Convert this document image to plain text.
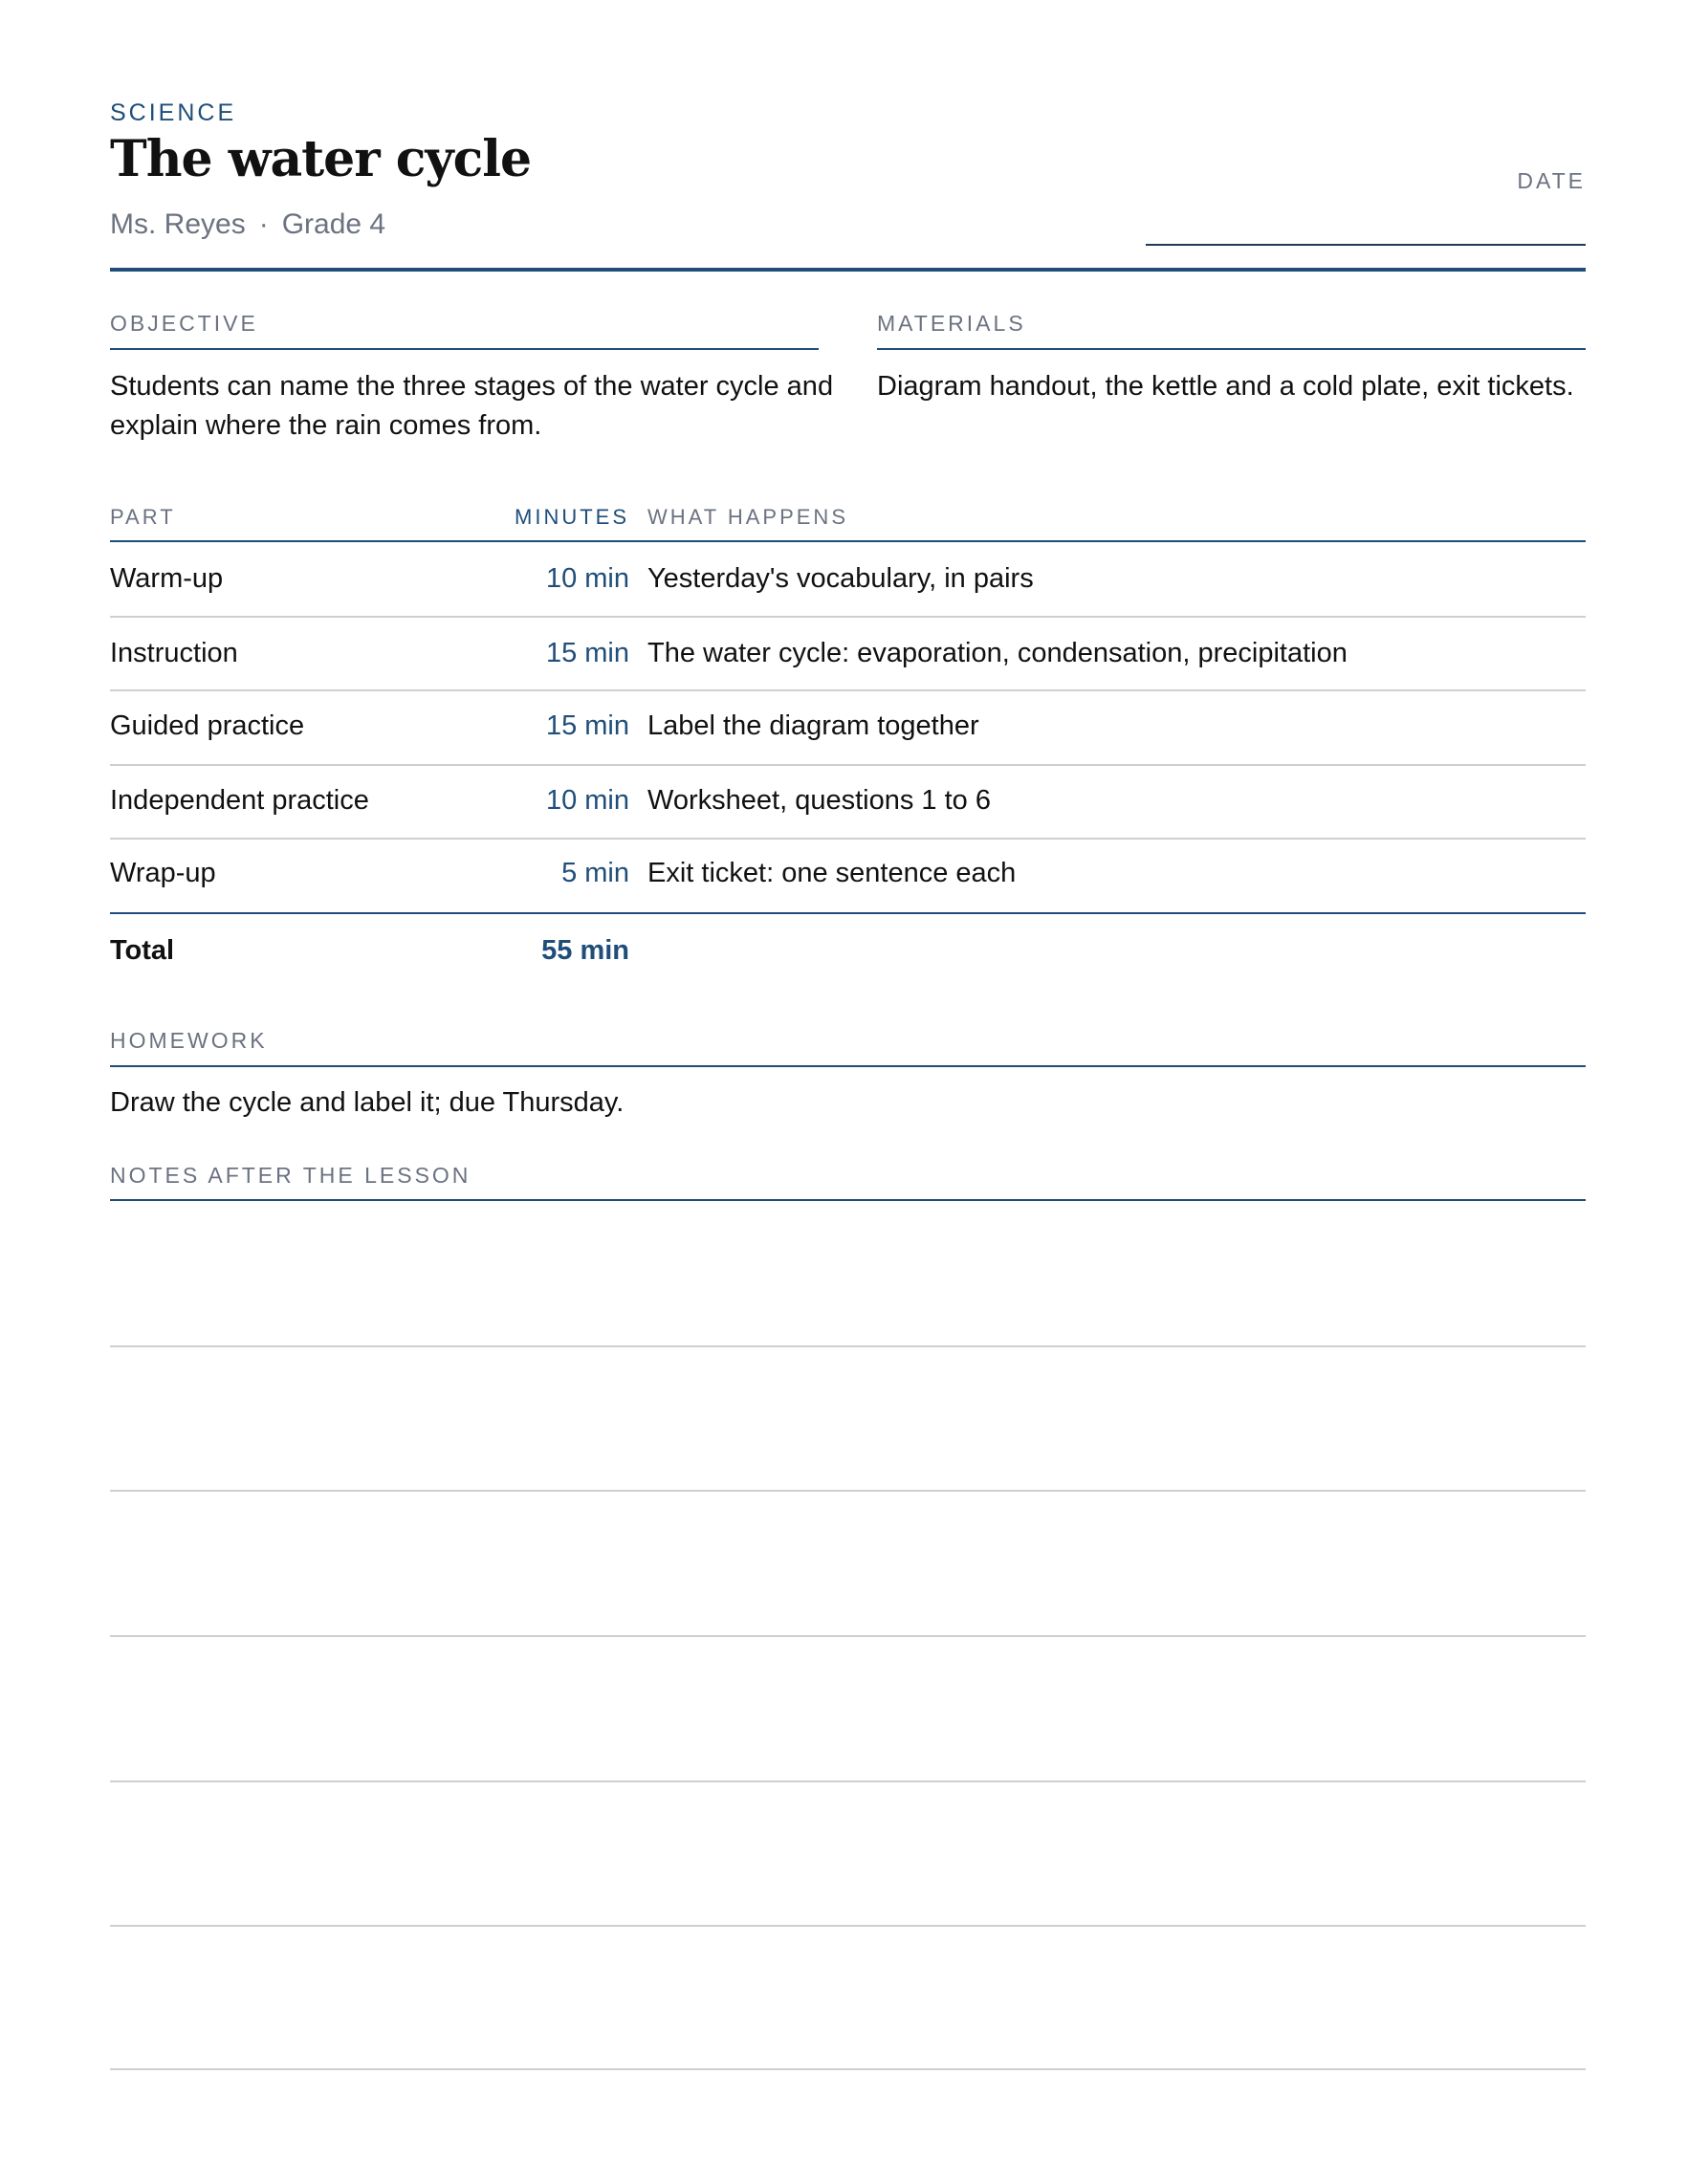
SCIENCE
The water cycle
Ms. Reyes · Grade 4
DATE
OBJECTIVE
Students can name the three stages of the water cycle and explain where the rain comes from.
MATERIALS
Diagram handout, the kettle and a cold plate, exit tickets.
PART	MINUTES WHAT HAPPENS
Warm-up	10 min Yesterday's vocabulary, in pairs
Instruction	15 min The water cycle: evaporation, condensation, precipitation
Guided practice	15 min Label the diagram together
Independent practice	10 min Worksheet, questions 1 to 6
Wrap-up	5 min Exit ticket: one sentence each
Total	55 min
HOMEWORK
Draw the cycle and label it; due Thursday.
NOTES AFTER THE LESSON
